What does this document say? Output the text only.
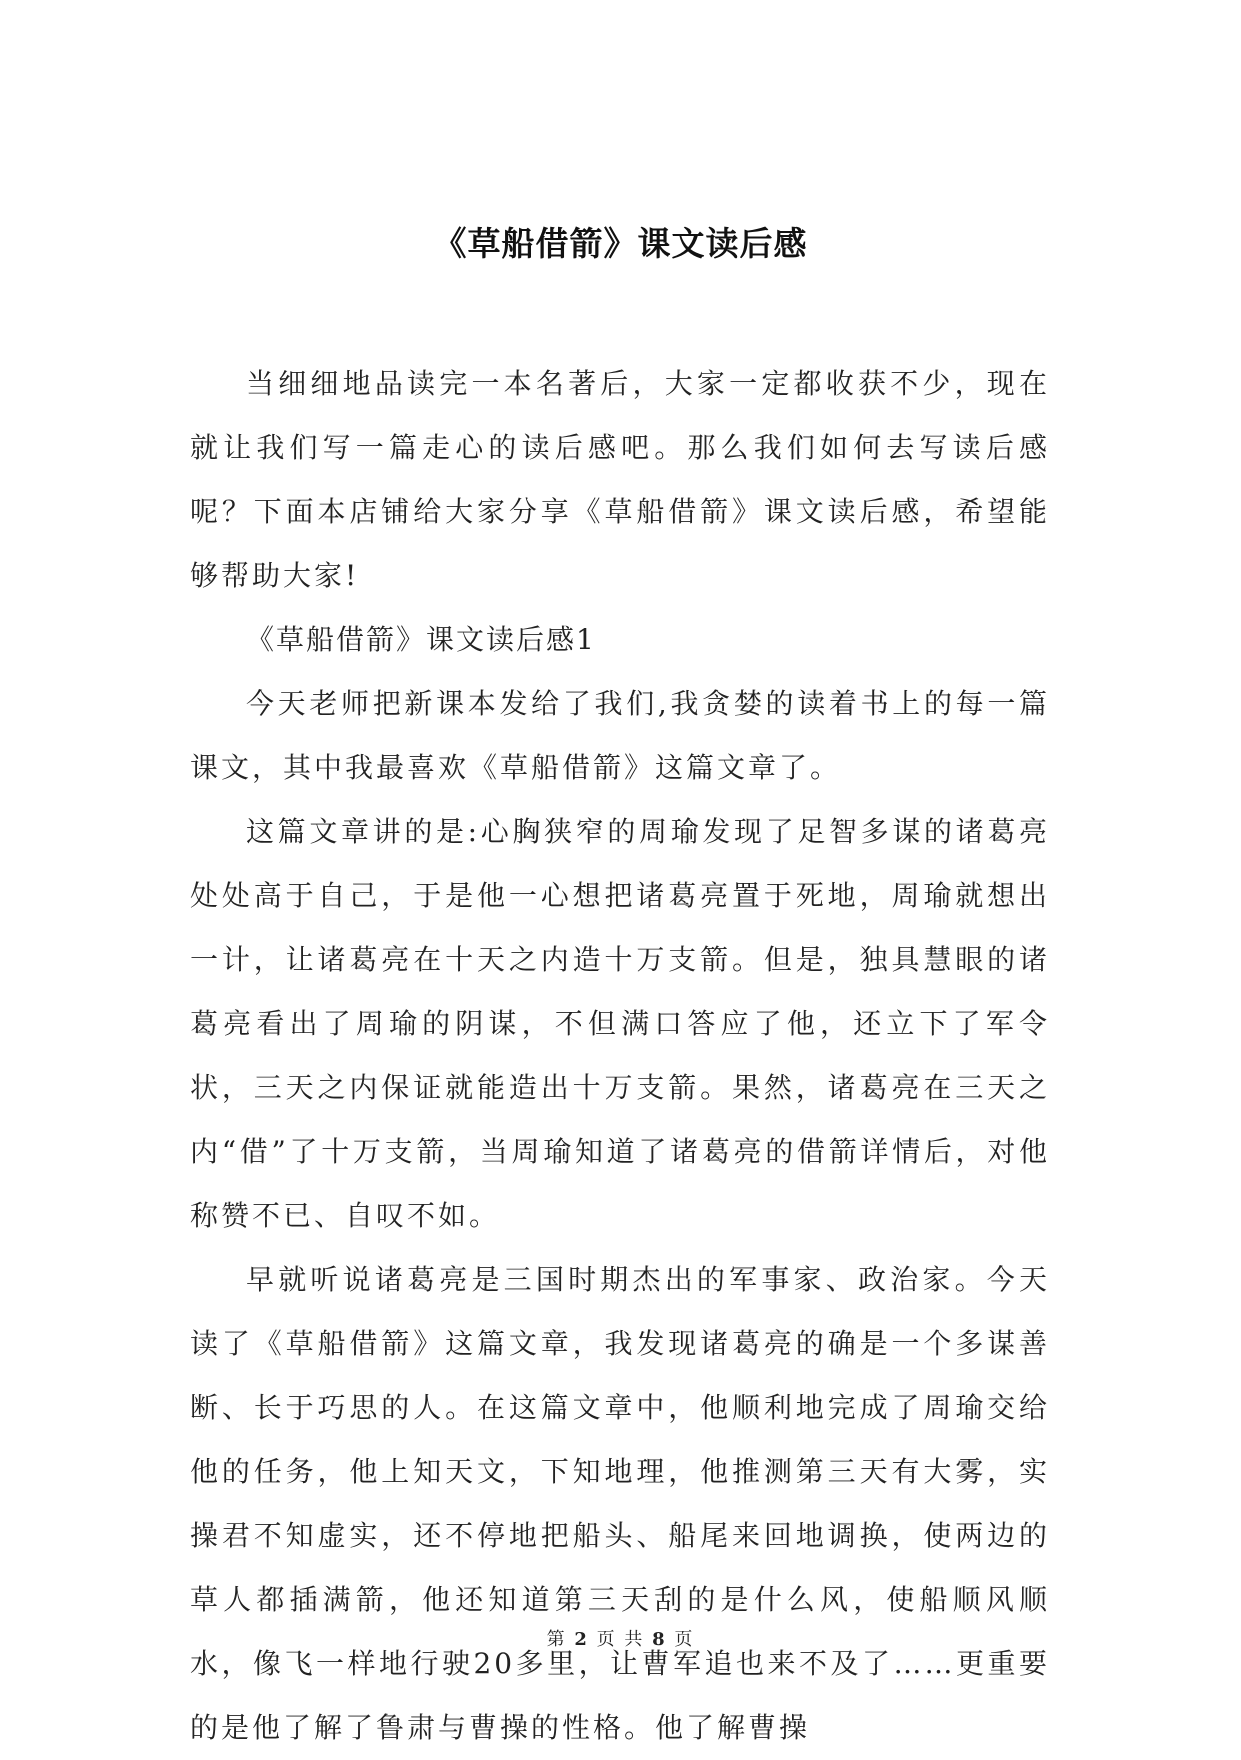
《草船借箭》课文读后感

当细细地品读完一本名著后，大家一定都收获不少，现在就让我们写一篇走心的读后感吧。那么我们如何去写读后感呢？下面本店铺给大家分享《草船借箭》课文读后感，希望能够帮助大家!

《草船借箭》课文读后感1

今天老师把新课本发给了我们,我贪婪的读着书上的每一篇课文，其中我最喜欢《草船借箭》这篇文章了。

这篇文章讲的是:心胸狭窄的周瑜发现了足智多谋的诸葛亮处处高于自己，于是他一心想把诸葛亮置于死地，周瑜就想出一计，让诸葛亮在十天之内造十万支箭。但是，独具慧眼的诸葛亮看出了周瑜的阴谋，不但满口答应了他，还立下了军令状，三天之内保证就能造出十万支箭。果然，诸葛亮在三天之内“借”了十万支箭，当周瑜知道了诸葛亮的借箭详情后，对他称赞不已、自叹不如。

早就听说诸葛亮是三国时期杰出的军事家、政治家。今天读了《草船借箭》这篇文章，我发现诸葛亮的确是一个多谋善断、长于巧思的人。在这篇文章中，他顺利地完成了周瑜交给他的任务，他上知天文，下知地理，他推测第三天有大雾，实操君不知虚实，还不停地把船头、船尾来回地调换，使两边的草人都插满箭，他还知道第三天刮的是什么风，使船顺风顺水，像飞一样地行驶20多里，让曹军追也来不及了……更重要的是他了解了鲁肃与曹操的性格。他了解曹操

第 2 页 共 8 页
